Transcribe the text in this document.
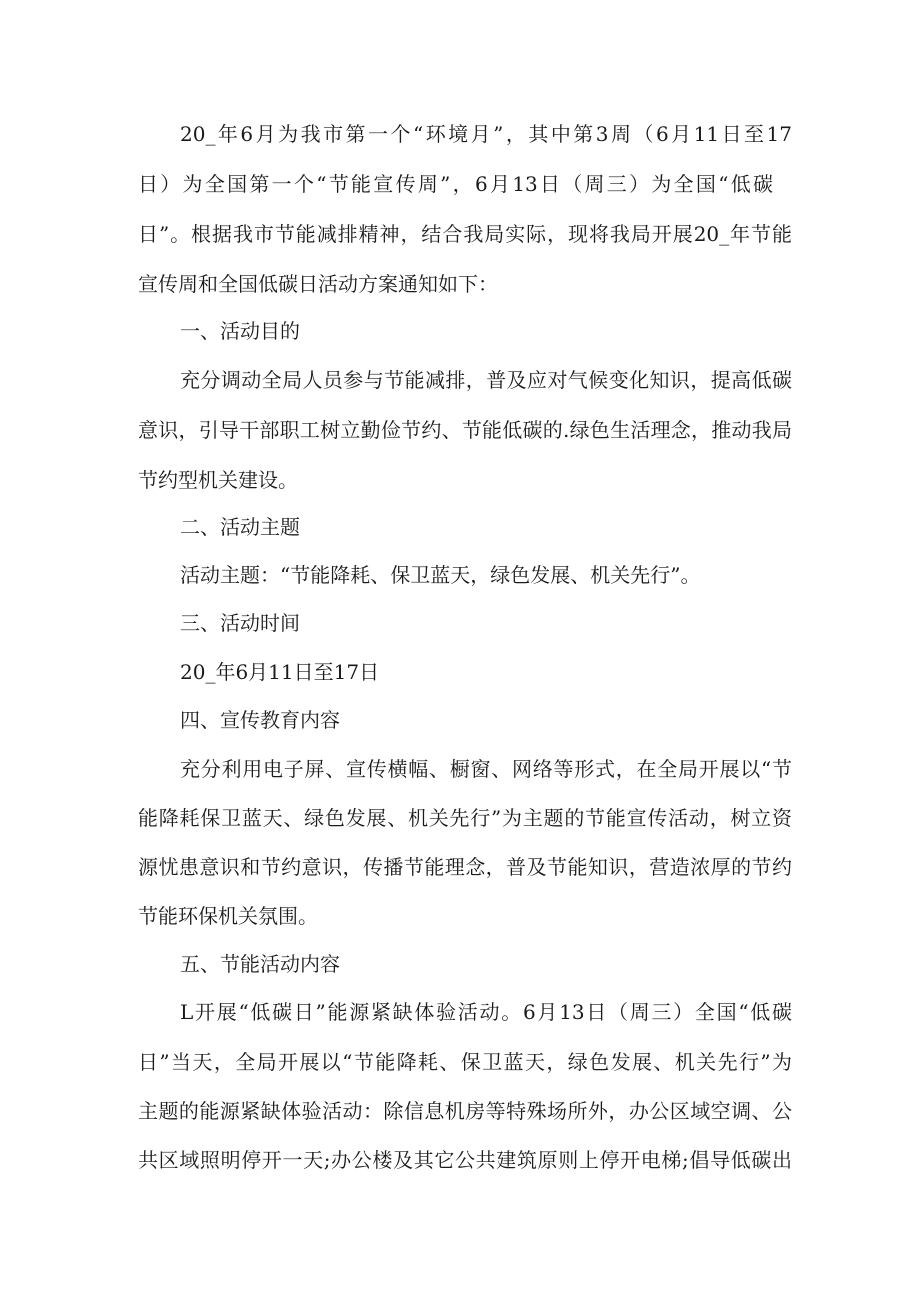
20_年6月为我市第一个“环境月”，其中第3周（6月11日至17
日）为全国第一个“节能宣传周”，6月13日（周三）为全国“低碳
日”。根据我市节能减排精神，结合我局实际，现将我局开展20_年节能
宣传周和全国低碳日活动方案通知如下：
一、活动目的
充分调动全局人员参与节能减排，普及应对气候变化知识，提高低碳
意识，引导干部职工树立勤俭节约、节能低碳的.绿色生活理念，推动我局
节约型机关建设。
二、活动主题
活动主题：“节能降耗、保卫蓝天，绿色发展、机关先行”。
三、活动时间
20_年6月11日至17日
四、宣传教育内容
充分利用电子屏、宣传横幅、橱窗、网络等形式，在全局开展以“节
能降耗保卫蓝天、绿色发展、机关先行”为主题的节能宣传活动，树立资
源忧患意识和节约意识，传播节能理念，普及节能知识，营造浓厚的节约
节能环保机关氛围。
五、节能活动内容
L开展“低碳日”能源紧缺体验活动。6月13日（周三）全国“低碳
日”当天，全局开展以“节能降耗、保卫蓝天，绿色发展、机关先行”为
主题的能源紧缺体验活动：除信息机房等特殊场所外，办公区域空调、公
共区域照明停开一天;办公楼及其它公共建筑原则上停开电梯;倡导低碳出
